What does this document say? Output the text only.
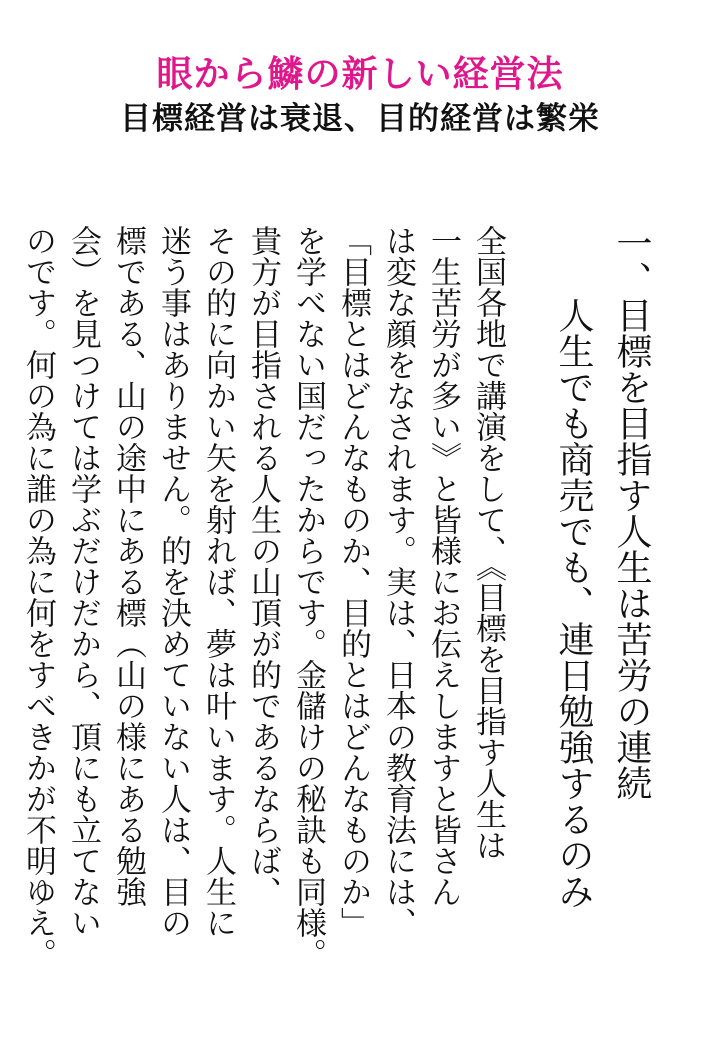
眼から鱗の新しい経営法
目標経営は衰退、目的経営は繁栄
一、目標を目指す人生は苦労の連続
人生でも商売でも、連日勉強するのみ
全国各地で講演をして、《目標を目指す人生は
一生苦労が多い》と皆様にお伝えしますと皆さん
は変な顔をなされます。実は、日本の教育法には、
「目標とはどんなものか、目的とはどんなものか」
を学べない国だったからです。金儲けの秘訣も同様。
貴方が目指される人生の山頂が的であるならば、
その的に向かい矢を射れば、夢は叶います。人生に
迷う事はありません。的を決めていない人は、目の
標である、山の途中にある標（山の様にある勉強
会）を見つけては学ぶだけだから、頂にも立てない
のです。何の為に誰の為に何をすべきかが不明ゆえ。
